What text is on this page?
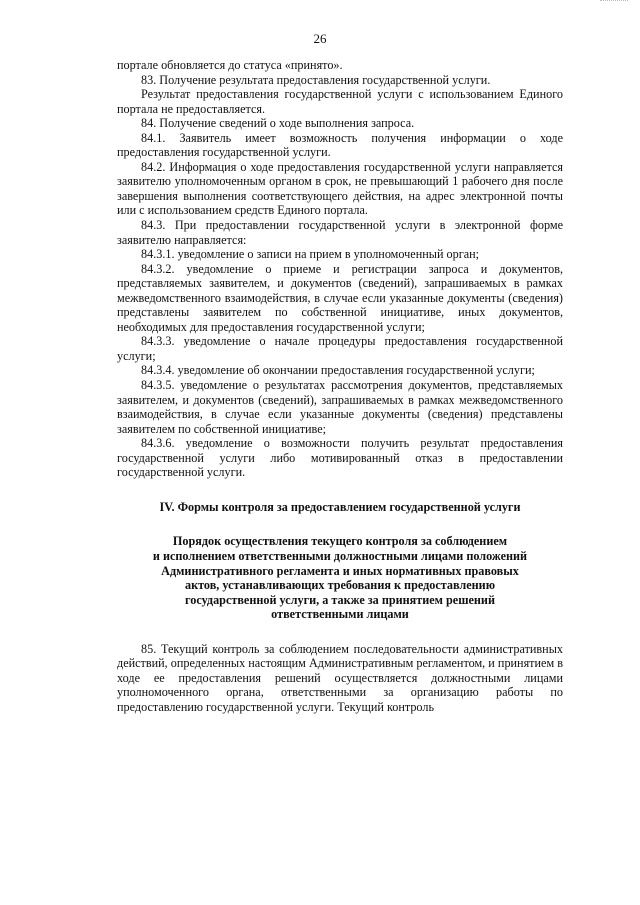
26

портале обновляется до статуса «принято».

83. Получение результата предоставления государственной услуги.

Результат предоставления государственной услуги с использованием Единого портала не предоставляется.

84. Получение сведений о ходе выполнения запроса.

84.1. Заявитель имеет возможность получения информации о ходе предоставления государственной услуги.

84.2. Информация о ходе предоставления государственной услуги направляется заявителю уполномоченным органом в срок, не превышающий 1 рабочего дня после завершения выполнения соответствующего действия, на адрес электронной почты или с использованием средств Единого портала.

84.3. При предоставлении государственной услуги в электронной форме заявителю направляется:

84.3.1. уведомление о записи на прием в уполномоченный орган;

84.3.2. уведомление о приеме и регистрации запроса и документов, представляемых заявителем, и документов (сведений), запрашиваемых в рамках межведомственного взаимодействия, в случае если указанные документы (сведения) представлены заявителем по собственной инициативе, иных документов, необходимых для предоставления государственной услуги;

84.3.3. уведомление о начале процедуры предоставления государственной услуги;

84.3.4. уведомление об окончании предоставления государственной услуги;

84.3.5. уведомление о результатах рассмотрения документов, представляемых заявителем, и документов (сведений), запрашиваемых в рамках межведомственного взаимодействия, в случае если указанные документы (сведения) представлены заявителем по собственной инициативе;

84.3.6. уведомление о возможности получить результат предоставления государственной услуги либо мотивированный отказ в предоставлении государственной услуги.

IV. Формы контроля за предоставлением государственной услуги
Порядок осуществления текущего контроля за соблюдением
и исполнением ответственными должностными лицами положений
Административного регламента и иных нормативных правовых
актов, устанавливающих требования к предоставлению
государственной услуги, а также за принятием решений
ответственными лицами

85. Текущий контроль за соблюдением последовательности административных действий, определенных настоящим Административным регламентом, и принятием в ходе ее предоставления решений осуществляется должностными лицами уполномоченного органа, ответственными за организацию работы по предоставлению государственной услуги. Текущий контроль
